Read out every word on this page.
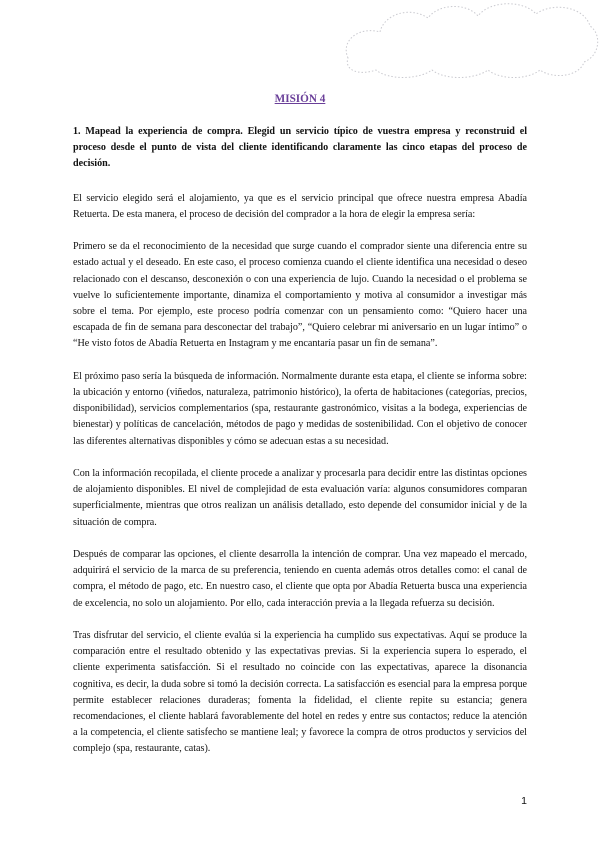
MISIÓN 4

1. Mapead la experiencia de compra. Elegid un servicio típico de vuestra empresa y reconstruid el proceso desde el punto de vista del cliente identificando claramente las cinco etapas del proceso de decisión.

El servicio elegido será el alojamiento, ya que es el servicio principal que ofrece nuestra empresa Abadía Retuerta. De esta manera, el proceso de decisión del comprador a la hora de elegir la empresa sería:

Primero se da el reconocimiento de la necesidad que surge cuando el comprador siente una diferencia entre su estado actual y el deseado. En este caso, el proceso comienza cuando el cliente identifica una necesidad o deseo relacionado con el descanso, desconexión o con una experiencia de lujo. Cuando la necesidad o el problema se vuelve lo suficientemente importante, dinamiza el comportamiento y motiva al consumidor a investigar más sobre el tema. Por ejemplo, este proceso podría comenzar con un pensamiento como: “Quiero hacer una escapada de fin de semana para desconectar del trabajo”, “Quiero celebrar mi aniversario en un lugar íntimo” o “He visto fotos de Abadía Retuerta en Instagram y me encantaría pasar un fin de semana”.

El próximo paso sería la búsqueda de información. Normalmente durante esta etapa, el cliente se informa sobre: la ubicación y entorno (viñedos, naturaleza, patrimonio histórico), la oferta de habitaciones (categorías, precios, disponibilidad), servicios complementarios (spa, restaurante gastronómico, visitas a la bodega, experiencias de bienestar) y políticas de cancelación, métodos de pago y medidas de sostenibilidad. Con el objetivo de conocer las diferentes alternativas disponibles y cómo se adecuan estas a su necesidad.

Con la información recopilada, el cliente procede a analizar y procesarla para decidir entre las distintas opciones de alojamiento disponibles. El nivel de complejidad de esta evaluación varía: algunos consumidores comparan superficialmente, mientras que otros realizan un análisis detallado, esto depende del consumidor inicial y de la situación de compra.

Después de comparar las opciones, el cliente desarrolla la intención de comprar. Una vez mapeado el mercado, adquirirá el servicio de la marca de su preferencia, teniendo en cuenta además otros detalles como: el canal de compra, el método de pago, etc. En nuestro caso, el cliente que opta por Abadía Retuerta busca una experiencia de excelencia, no solo un alojamiento. Por ello, cada interacción previa a la llegada refuerza su decisión.

Tras disfrutar del servicio, el cliente evalúa si la experiencia ha cumplido sus expectativas. Aquí se produce la comparación entre el resultado obtenido y las expectativas previas. Si la experiencia supera lo esperado, el cliente experimenta satisfacción. Si el resultado no coincide con las expectativas, aparece la disonancia cognitiva, es decir, la duda sobre si tomó la decisión correcta. La satisfacción es esencial para la empresa porque permite establecer relaciones duraderas; fomenta la fidelidad, el cliente repite su estancia; genera recomendaciones, el cliente hablará favorablemente del hotel en redes y entre sus contactos; reduce la atención a la competencia, el cliente satisfecho se mantiene leal; y favorece la compra de otros productos y servicios del complejo (spa, restaurante, catas).

1
